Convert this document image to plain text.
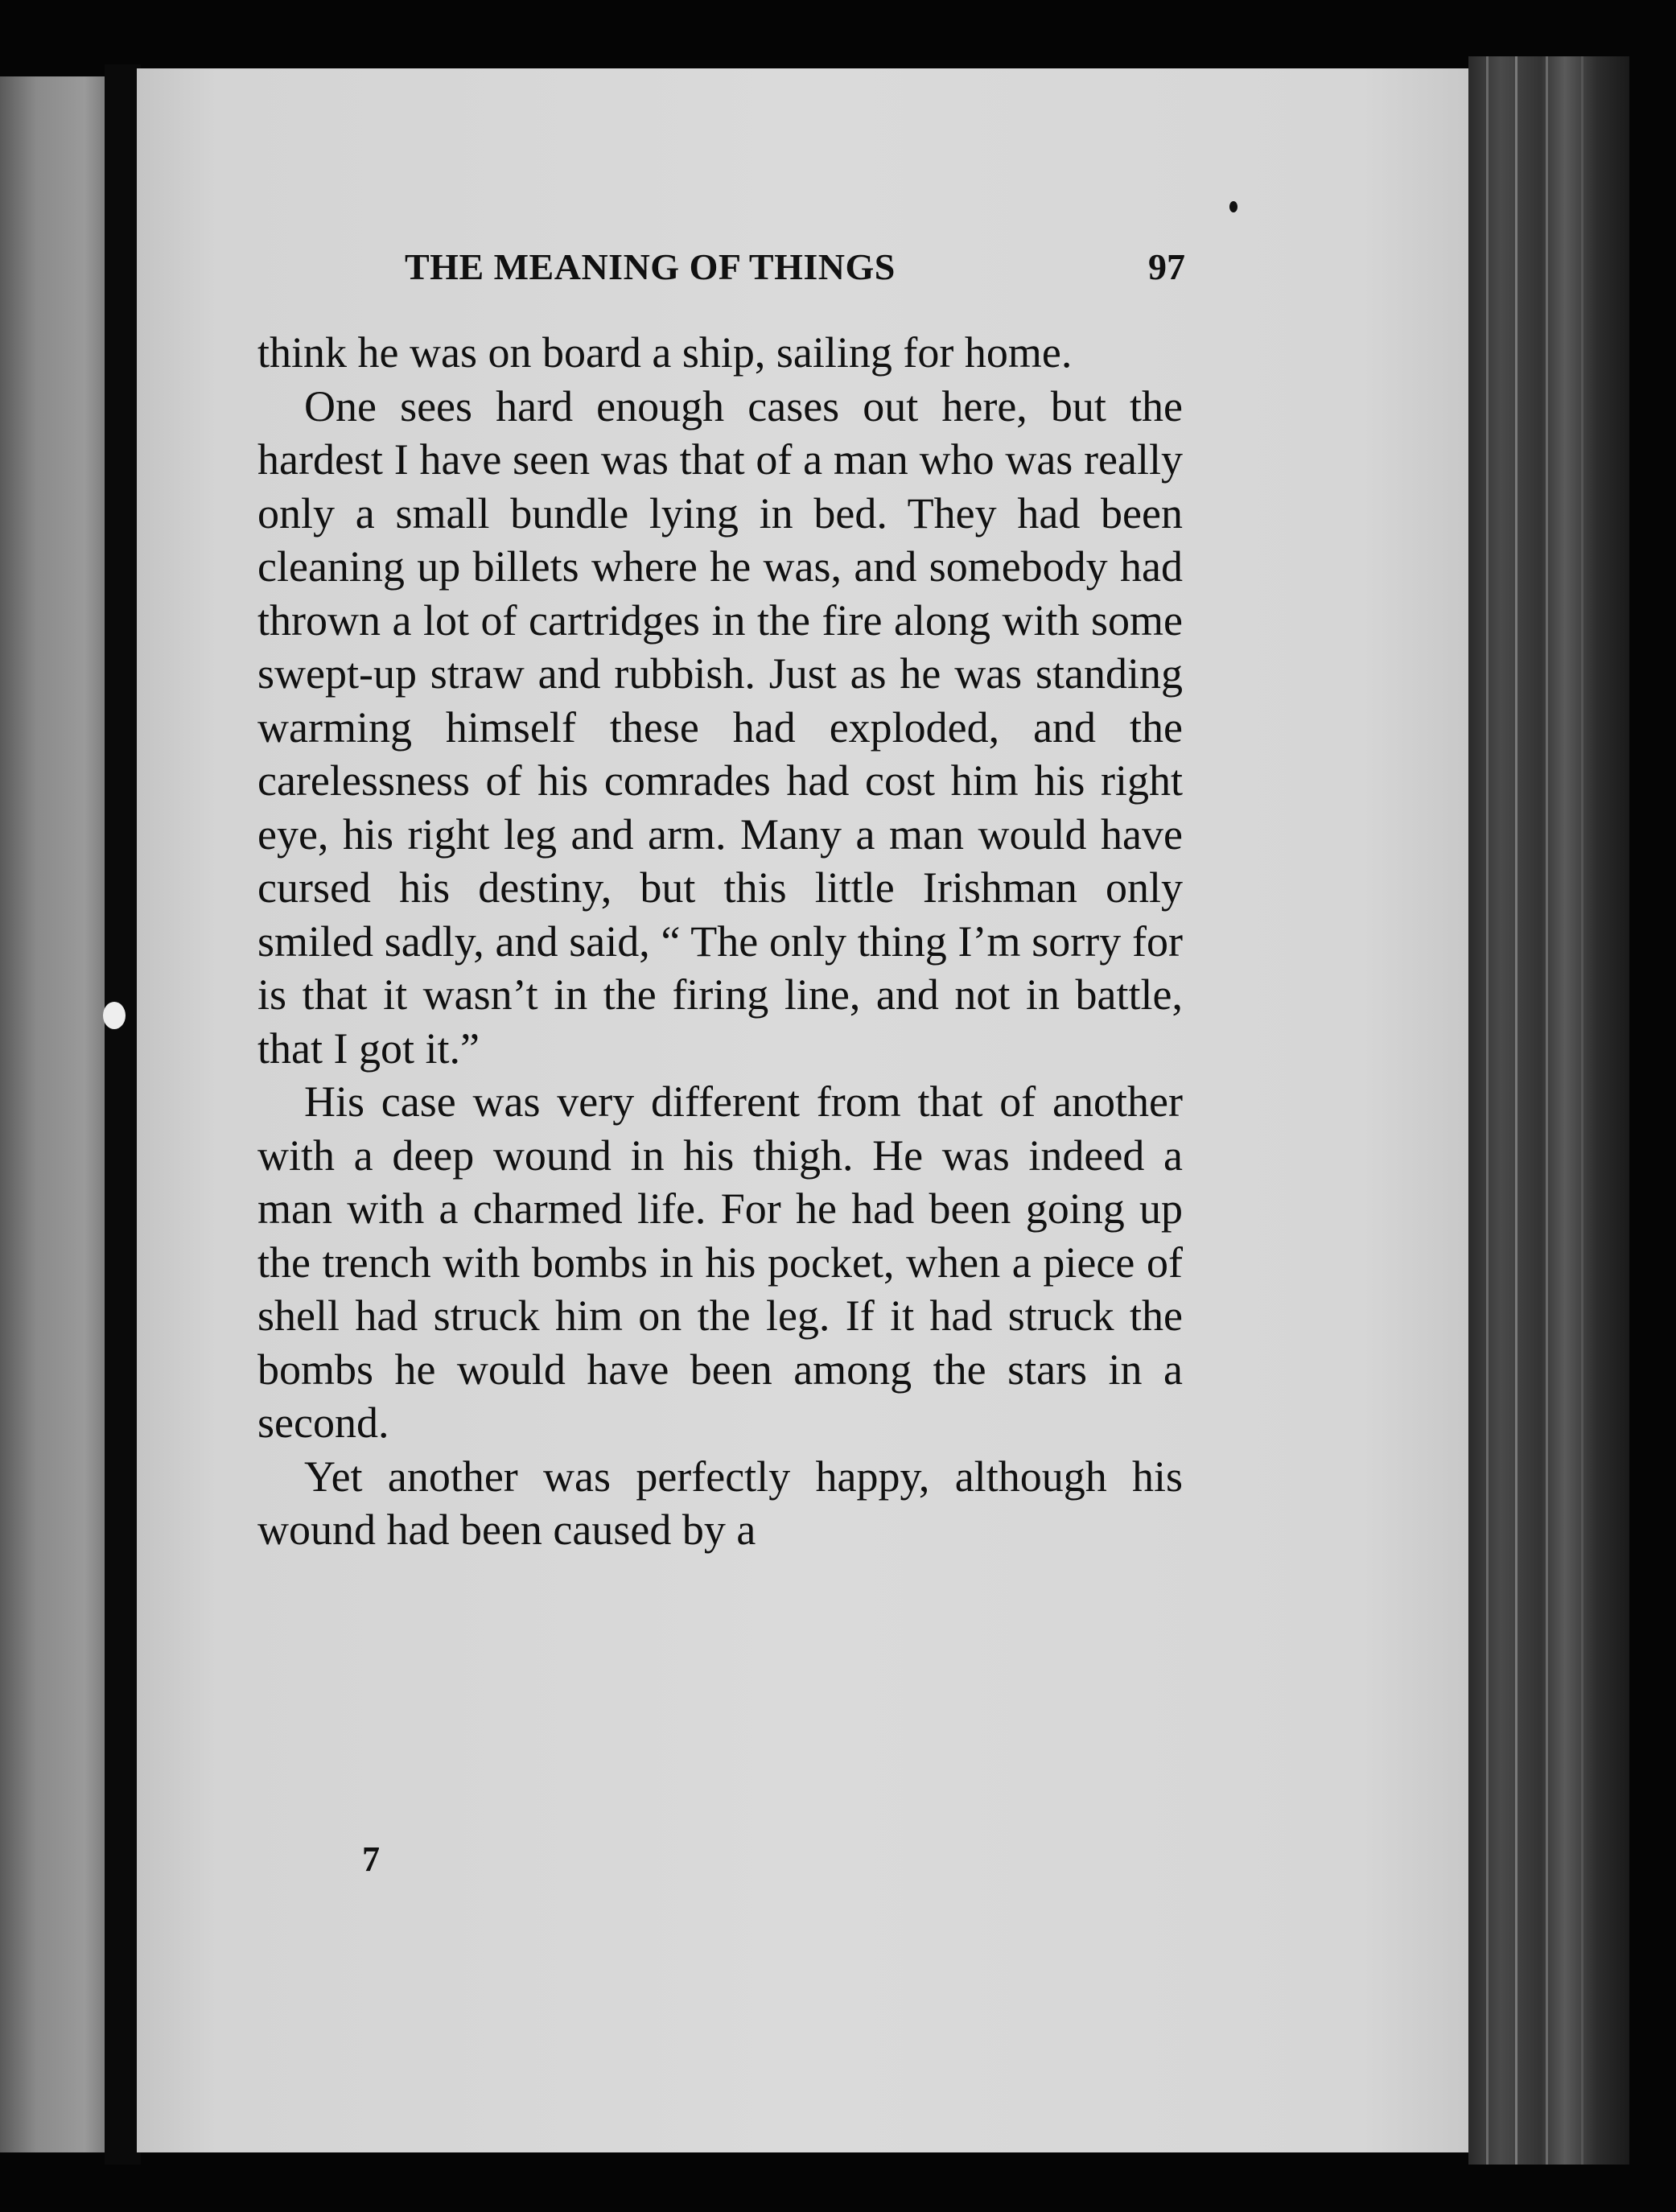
THE MEANING OF THINGS	97

think he was on board a ship, sailing for home.

One sees hard enough cases out here, but the hardest I have seen was that of a man who was really only a small bundle lying in bed. They had been cleaning up billets where he was, and somebody had thrown a lot of cartridges in the fire along with some swept-up straw and rubbish. Just as he was standing warming himself these had exploded, and the carelessness of his comrades had cost him his right eye, his right leg and arm. Many a man would have cursed his destiny, but this little Irishman only smiled sadly, and said, “ The only thing I’m sorry for is that it wasn’t in the firing line, and not in battle, that I got it.”

His case was very different from that of another with a deep wound in his thigh. He was indeed a man with a charmed life. For he had been going up the trench with bombs in his pocket, when a piece of shell had struck him on the leg. If it had struck the bombs he would have been among the stars in a second.

Yet another was perfectly happy, although his wound had been caused by a

7
